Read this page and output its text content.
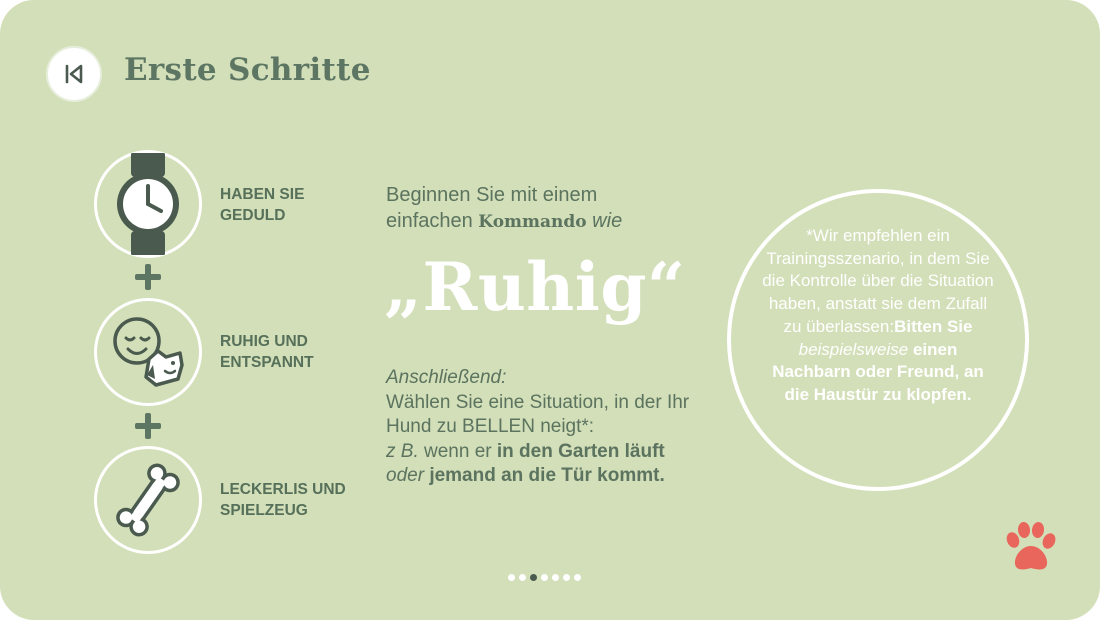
Erste Schritte
HABEN SIE
GEDULD
RUHIG UND
ENTSPANNT
LECKERLIS UND
SPIELZEUG
Beginnen Sie mit einem
einfachen Kommando wie
„Ruhig“
Anschließend:
Wählen Sie eine Situation, in der Ihr Hund zu BELLEN neigt*:
z B. wenn er in den Garten läuft
oder jemand an die Tür kommt.
*Wir empfehlen ein Trainingsszenario, in dem Sie die Kontrolle über die Situation haben, anstatt sie dem Zufall zu überlassen:Bitten Sie beispielsweise einen Nachbarn oder Freund, an die Haustür zu klopfen.
